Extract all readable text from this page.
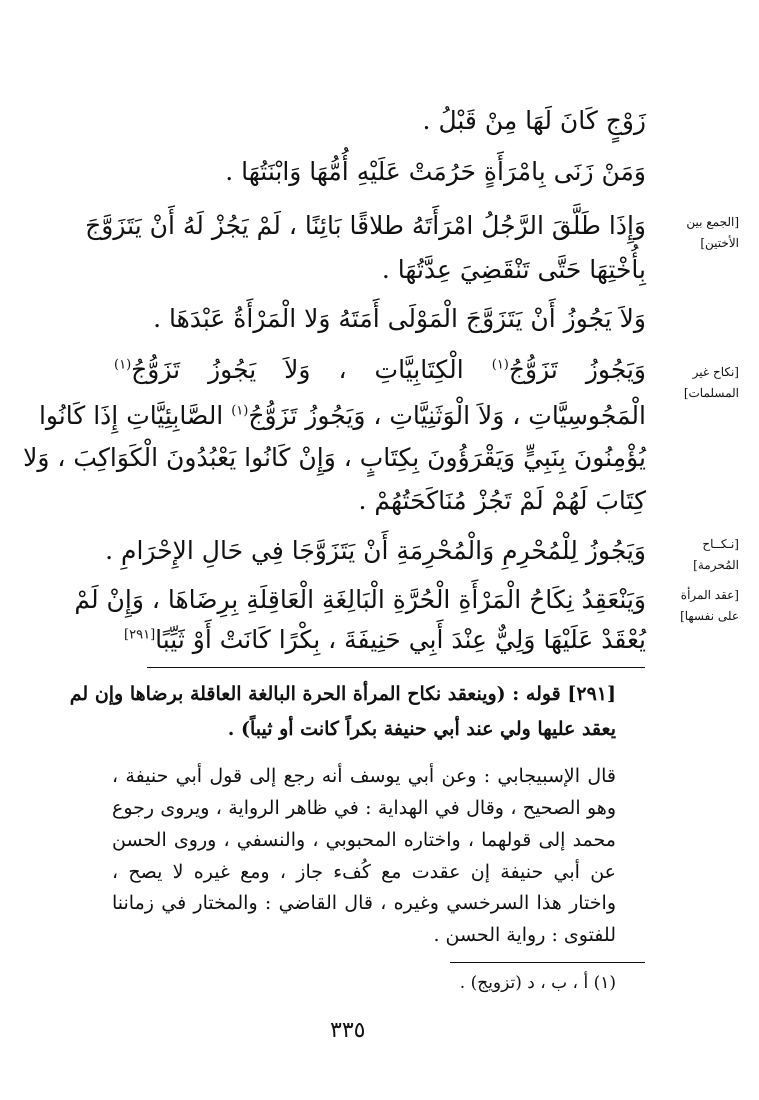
زَوْجٍ كَانَ لَهَا مِنْ قَبْلُ .
وَمَنْ زَنَى بِامْرَأَةٍ حَرُمَتْ عَلَيْهِ أُمُّهَا وَابْنَتُهَا .
وَإِذَا طَلَّقَ الرَّجُلُ امْرَأَتَهُ طلاقًا بَائِنًا ، لَمْ يَجُزْ لَهُ أَنْ يَتَزَوَّجَ
بِأُخْتِهَا حَتَّى تَنْقَضِيَ عِدَّتُهَا .
وَلاَ يَجُوزُ أَنْ يَتَزَوَّجَ الْمَوْلَى أَمَتَهُ وَلا الْمَرْأَةُ عَبْدَهَا .
وَيَجُوزُ تَزَوُّجُ$^{(١)}$ الْكِتَابِيَّاتِ ، وَلاَ يَجُوزُ تَزَوُّجُ$^{(١)}$
الْمَجُوسِيَّاتِ ، وَلاَ الْوَثَنِيَّاتِ ، وَيَجُوزُ تَزَوُّجُ$^{(١)}$ الصَّابِئِيَّاتِ إِذَا كَانُوا
يُؤْمِنُونَ بِنَبِيٍّ وَيَقْرَؤُونَ بِكِتَابٍ ، وَإِنْ كَانُوا يَعْبُدُونَ الْكَوَاكِبَ ، وَلا
كِتَابَ لَهُمْ لَمْ تَجُزْ مُنَاكَحَتُهُمْ .
وَيَجُوزُ لِلْمُحْرِمِ وَالْمُحْرِمَةِ أَنْ يَتَزَوَّجَا فِي حَالِ الإِحْرَامِ .
وَيَنْعَقِدُ نِكَاحُ الْمَرْأَةِ الْحُرَّةِ الْبَالِغَةِ الْعَاقِلَةِ بِرِضَاهَا ، وَإِنْ لَمْ
يُعْقَدْ عَلَيْهَا وَلِيٌّ عِنْدَ أَبِي حَنِيفَةَ ، بِكْرًا كَانَتْ أَوْ ثَيِّبًا[٢٩١]
[الجمع بين
الأختين]
[نكاح غير
المسلمات]
[نـكــاح
المُحرمة]
[عقد المرأة
على نفسها]
[٢٩١] قوله : (وينعقد نكاح المرأة الحرة البالغة العاقلة برضاها وإن لم
يعقد عليها ولي عند أبي حنيفة بكراً كانت أو ثيباً) .
قال الإسبيجابي : وعن أبي يوسف أنه رجع إلى قول أبي حنيفة ،
وهو الصحيح ، وقال في الهداية : في ظاهر الرواية ، ويروى رجوع
محمد إلى قولهما ، واختاره المحبوبي ، والنسفي ، وروى الحسن
عن أبي حنيفة إن عقدت مع كُفء جاز ، ومع غيره لا يصح ،
واختار هذا السرخسي وغيره ، قال القاضي : والمختار في زماننا
للفتوى : رواية الحسن .
(١) أ ، ب ، د (تزويج) .
٣٣٥
